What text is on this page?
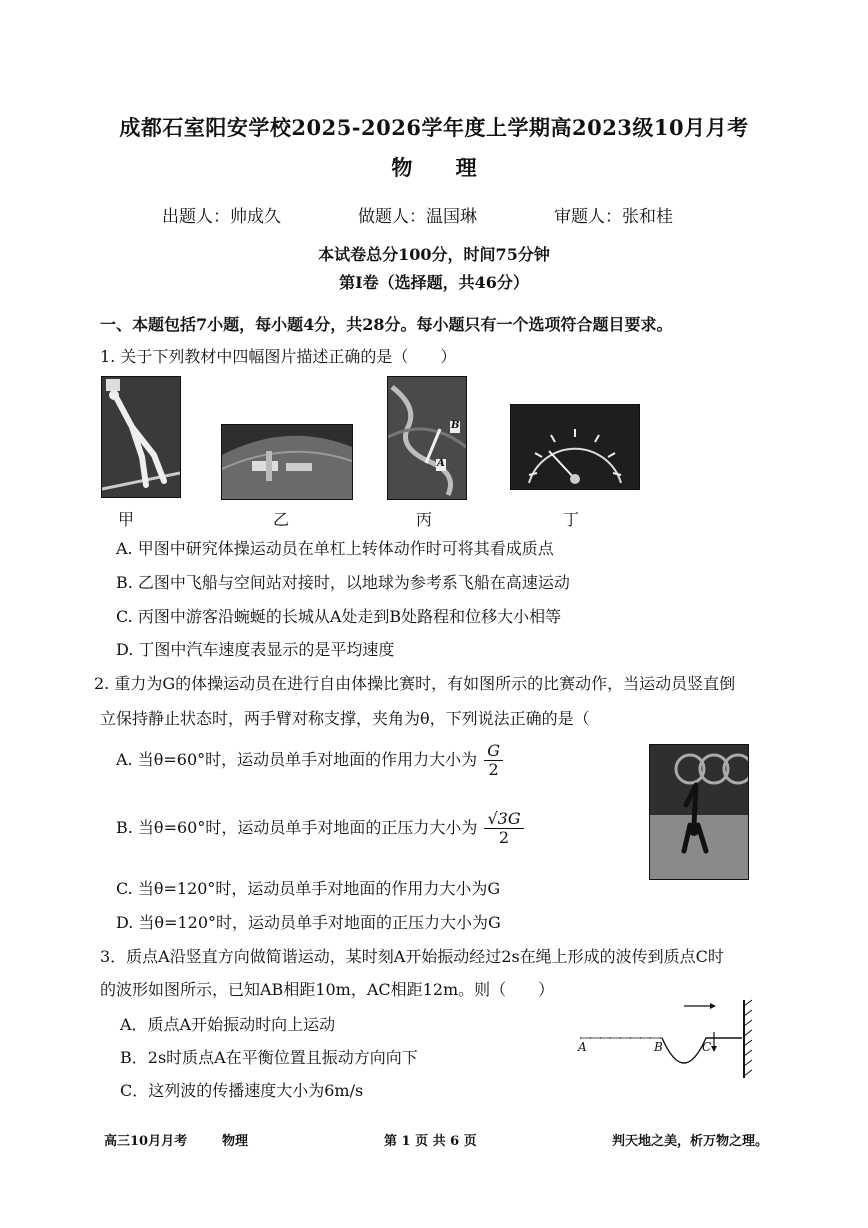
成都石室阳安学校2025-2026学年度上学期高2023级10月月考
物 理
出题人：帅成久	做题人：温国琳	审题人：张和桂
本试卷总分100分，时间75分钟
第Ⅰ卷（选择题，共46分）
一、本题包括7小题，每小题4分，共28分。每小题只有一个选项符合题目要求。
1. 关于下列教材中四幅图片描述正确的是（　　）
甲	乙
B
A
丙	丁
A. 甲图中研究体操运动员在单杠上转体动作时可将其看成质点
B. 乙图中飞船与空间站对接时，以地球为参考系飞船在高速运动
C. 丙图中游客沿蜿蜒的长城从A处走到B处路程和位移大小相等
D. 丁图中汽车速度表显示的是平均速度
2. 重力为G的体操运动员在进行自由体操比赛时，有如图所示的比赛动作，当运动员竖直倒
立保持静止状态时，两手臂对称支撑，夹角为θ，下列说法正确的是（
A. 当θ=60°时，运动员单手对地面的作用力大小为 $\frac{G}{2}$
B. 当θ=60°时，运动员单手对地面的正压力大小为 $\frac{√3G}{2}$
C. 当θ=120°时，运动员单手对地面的作用力大小为G
D. 当θ=120°时，运动员单手对地面的正压力大小为G
3．质点A沿竖直方向做简谐运动，某时刻A开始振动经过2s在绳上形成的波传到质点C时
的波形如图所示，已知AB相距10m，AC相距12m。则（　　）
A．质点A开始振动时向上运动
B．2s时质点A在平衡位置且振动方向向下
C．这列波的传播速度大小为6m/s
A	B	C
高三10月月考	物理	第 1 页 共 6 页	判天地之美，析万物之理。
